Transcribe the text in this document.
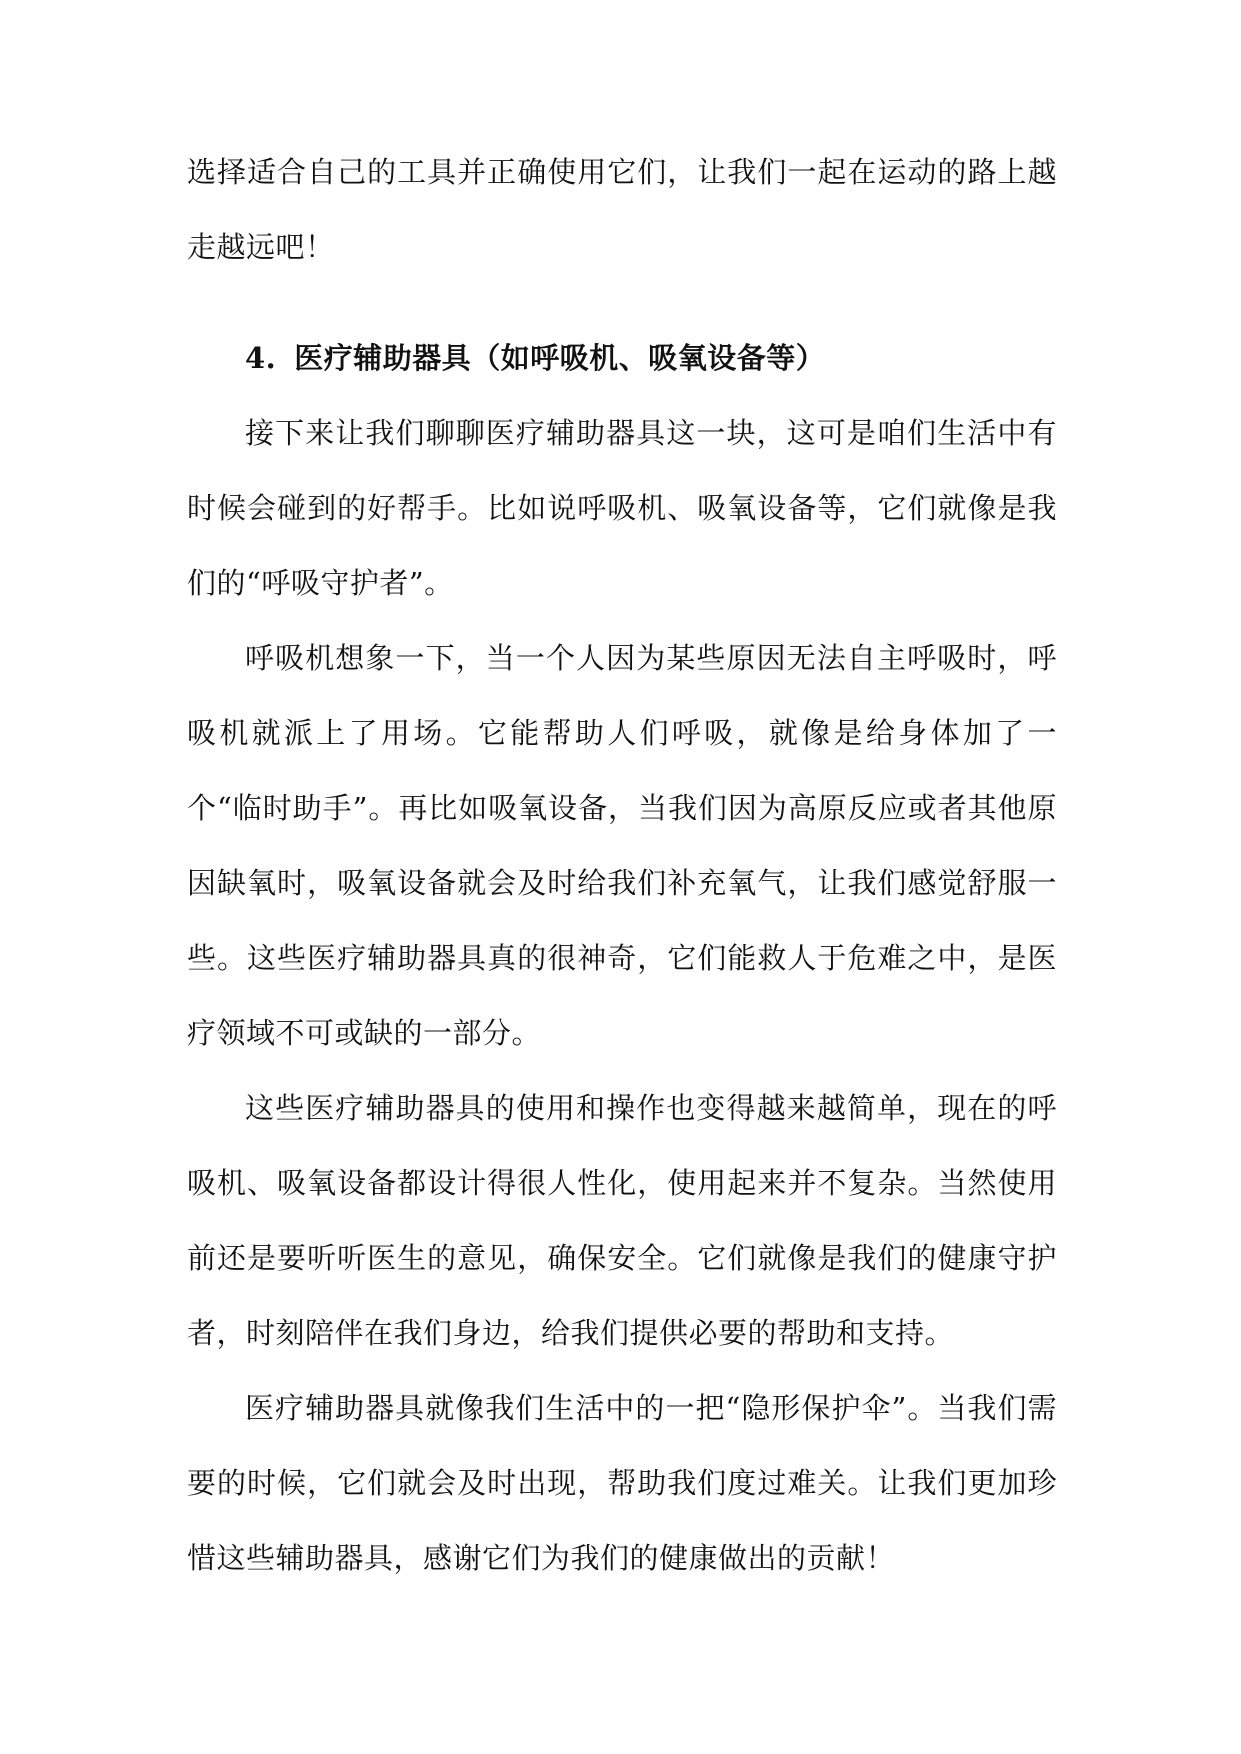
选择适合自己的工具并正确使用它们，让我们一起在运动的路上越走越远吧！

4. 医疗辅助器具（如呼吸机、吸氧设备等）

接下来让我们聊聊医疗辅助器具这一块，这可是咱们生活中有时候会碰到的好帮手。比如说呼吸机、吸氧设备等，它们就像是我们的“呼吸守护者”。

呼吸机想象一下，当一个人因为某些原因无法自主呼吸时，呼吸机就派上了用场。它能帮助人们呼吸，就像是给身体加了一个“临时助手”。再比如吸氧设备，当我们因为高原反应或者其他原因缺氧时，吸氧设备就会及时给我们补充氧气，让我们感觉舒服一些。这些医疗辅助器具真的很神奇，它们能救人于危难之中，是医疗领域不可或缺的一部分。

这些医疗辅助器具的使用和操作也变得越来越简单，现在的呼吸机、吸氧设备都设计得很人性化，使用起来并不复杂。当然使用前还是要听听医生的意见，确保安全。它们就像是我们的健康守护者，时刻陪伴在我们身边，给我们提供必要的帮助和支持。

医疗辅助器具就像我们生活中的一把“隐形保护伞”。当我们需要的时候，它们就会及时出现，帮助我们度过难关。让我们更加珍惜这些辅助器具，感谢它们为我们的健康做出的贡献！
